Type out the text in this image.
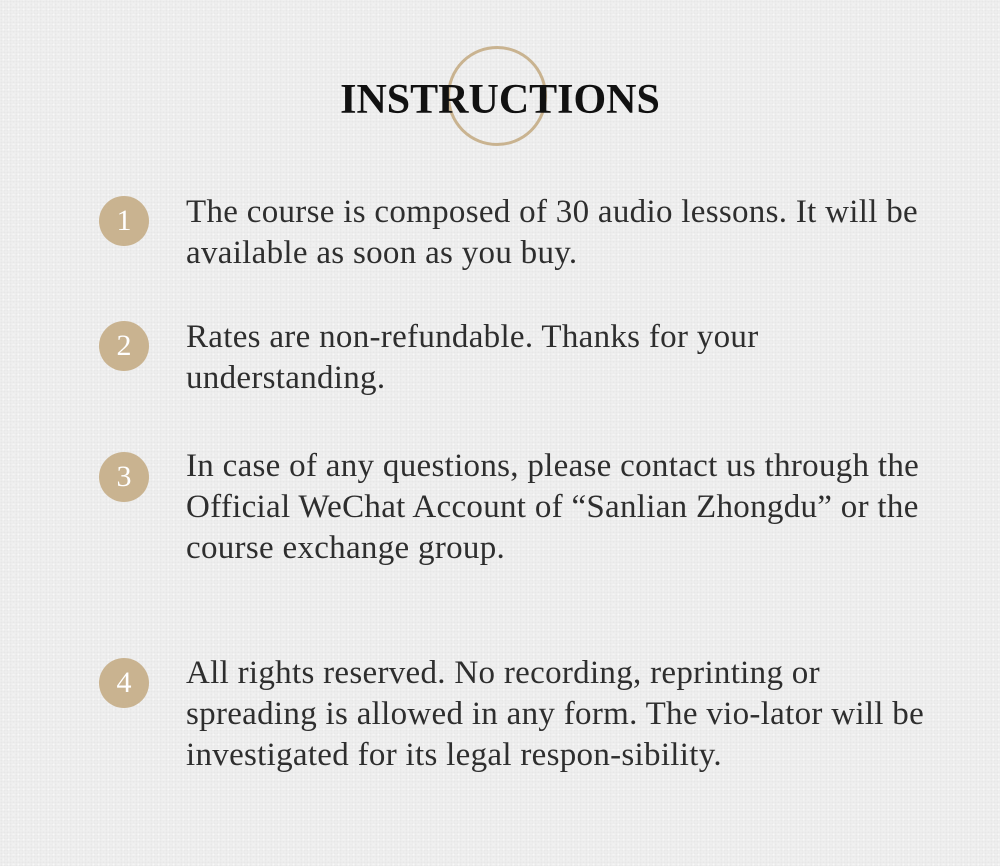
INSTRUCTIONS
1	The course is composed of 30 audio lessons. It will be available as soon as you buy.
2	Rates are non-refundable. Thanks for your understanding.
3	In case of any questions, please contact us through the Official WeChat Account of “Sanlian Zhongdu” or the course exchange group.
4	All rights reserved. No recording, reprinting or spreading is allowed in any form. The vio-lator will be investigated for its legal respon-sibility.
